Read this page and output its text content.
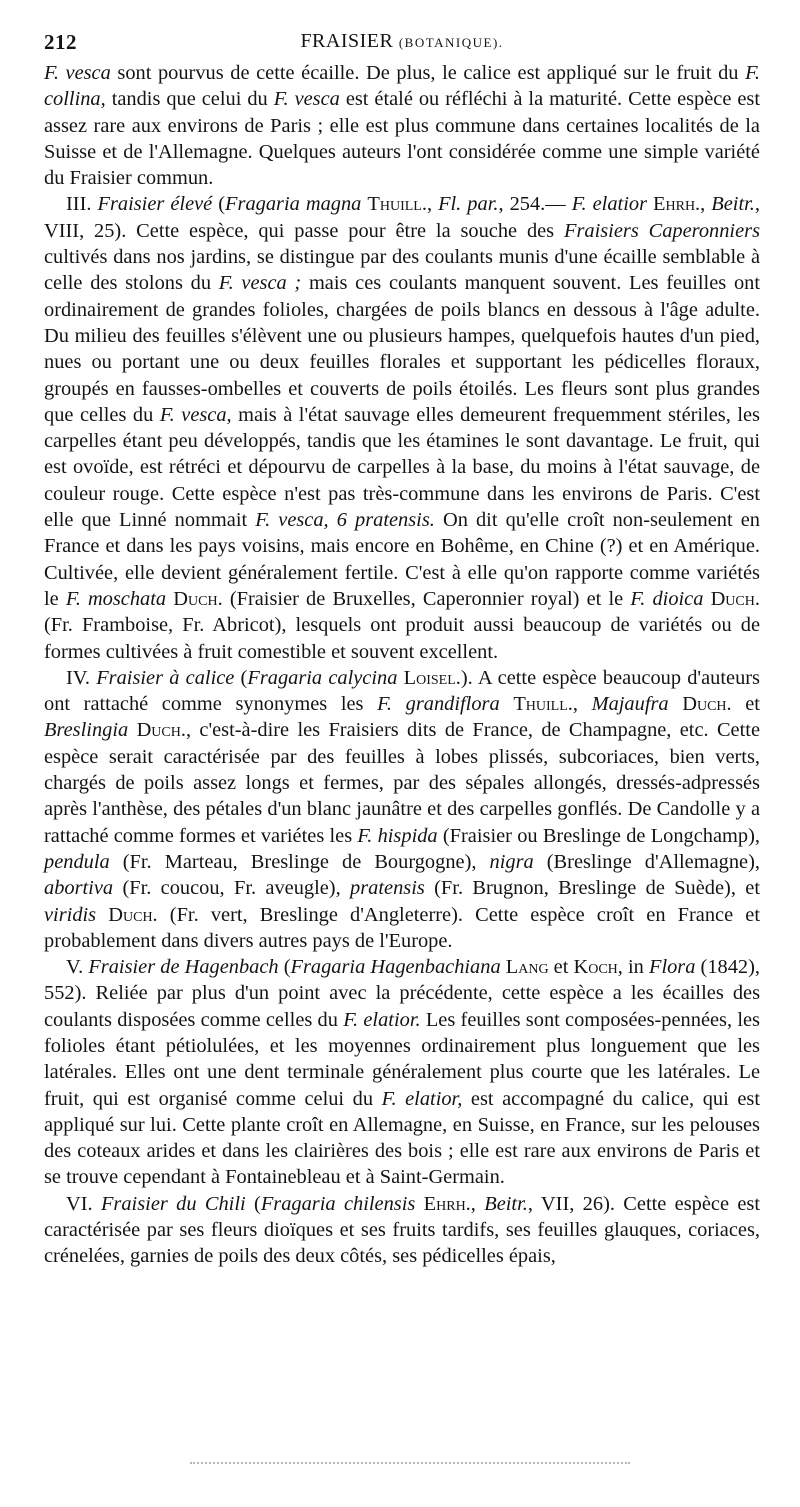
212	FRAISIER (BOTANIQUE).

F. vesca sont pourvus de cette écaille. De plus, le calice est appliqué sur le fruit du F. collina, tandis que celui du F. vesca est étalé ou réfléchi à la maturité. Cette espèce est assez rare aux environs de Paris ; elle est plus commune dans certaines localités de la Suisse et de l'Allemagne. Quelques auteurs l'ont considérée comme une simple variété du Fraisier commun.

III. Fraisier élevé (Fragaria magna Thuill., Fl. par., 254.— F. elatior Ehrh., Beitr., VIII, 25). Cette espèce, qui passe pour être la souche des Fraisiers Caperonniers cultivés dans nos jardins, se distingue par des coulants munis d'une écaille semblable à celle des stolons du F. vesca ; mais ces coulants manquent souvent. Les feuilles ont ordinairement de grandes folioles, chargées de poils blancs en dessous à l'âge adulte. Du milieu des feuilles s'élèvent une ou plusieurs hampes, quelquefois hautes d'un pied, nues ou portant une ou deux feuilles florales et supportant les pédicelles floraux, groupés en fausses-ombelles et couverts de poils étoilés. Les fleurs sont plus grandes que celles du F. vesca, mais à l'état sauvage elles demeurent frequemment stériles, les carpelles étant peu développés, tandis que les étamines le sont davantage. Le fruit, qui est ovoïde, est rétréci et dépourvu de carpelles à la base, du moins à l'état sauvage, de couleur rouge. Cette espèce n'est pas très-commune dans les environs de Paris. C'est elle que Linné nommait F. vesca, 6 pratensis. On dit qu'elle croît non-seulement en France et dans les pays voisins, mais encore en Bohême, en Chine (?) et en Amérique. Cultivée, elle devient généralement fertile. C'est à elle qu'on rapporte comme variétés le F. moschata Duch. (Fraisier de Bruxelles, Caperonnier royal) et le F. dioica Duch. (Fr. Framboise, Fr. Abricot), lesquels ont produit aussi beaucoup de variétés ou de formes cultivées à fruit comestible et souvent excellent.

IV. Fraisier à calice (Fragaria calycina Loisel.). A cette espèce beaucoup d'auteurs ont rattaché comme synonymes les F. grandiflora Thuill., Majaufra Duch. et Breslingia Duch., c'est-à-dire les Fraisiers dits de France, de Champagne, etc. Cette espèce serait caractérisée par des feuilles à lobes plissés, subcoriaces, bien verts, chargés de poils assez longs et fermes, par des sépales allongés, dressés-adpressés après l'anthèse, des pétales d'un blanc jaunâtre et des carpelles gonflés. De Candolle y a rattaché comme formes et variétes les F. hispida (Fraisier ou Breslinge de Longchamp), pendula (Fr. Marteau, Breslinge de Bourgogne), nigra (Breslinge d'Allemagne), abortiva (Fr. coucou, Fr. aveugle), pratensis (Fr. Brugnon, Breslinge de Suède), et viridis Duch. (Fr. vert, Breslinge d'Angleterre). Cette espèce croît en France et probablement dans divers autres pays de l'Europe.

V. Fraisier de Hagenbach (Fragaria Hagenbachiana Lang et Koch, in Flora (1842), 552). Reliée par plus d'un point avec la précédente, cette espèce a les écailles des coulants disposées comme celles du F. elatior. Les feuilles sont composées-pennées, les folioles étant pétiolulées, et les moyennes ordinairement plus longuement que les latérales. Elles ont une dent terminale généralement plus courte que les latérales. Le fruit, qui est organisé comme celui du F. elatior, est accompagné du calice, qui est appliqué sur lui. Cette plante croît en Allemagne, en Suisse, en France, sur les pelouses des coteaux arides et dans les clairières des bois ; elle est rare aux environs de Paris et se trouve cependant à Fontainebleau et à Saint-Germain.

VI. Fraisier du Chili (Fragaria chilensis Ehrh., Beitr., VII, 26). Cette espèce est caractérisée par ses fleurs dioïques et ses fruits tardifs, ses feuilles glauques, coriaces, crénelées, garnies de poils des deux côtés, ses pédicelles épais,
